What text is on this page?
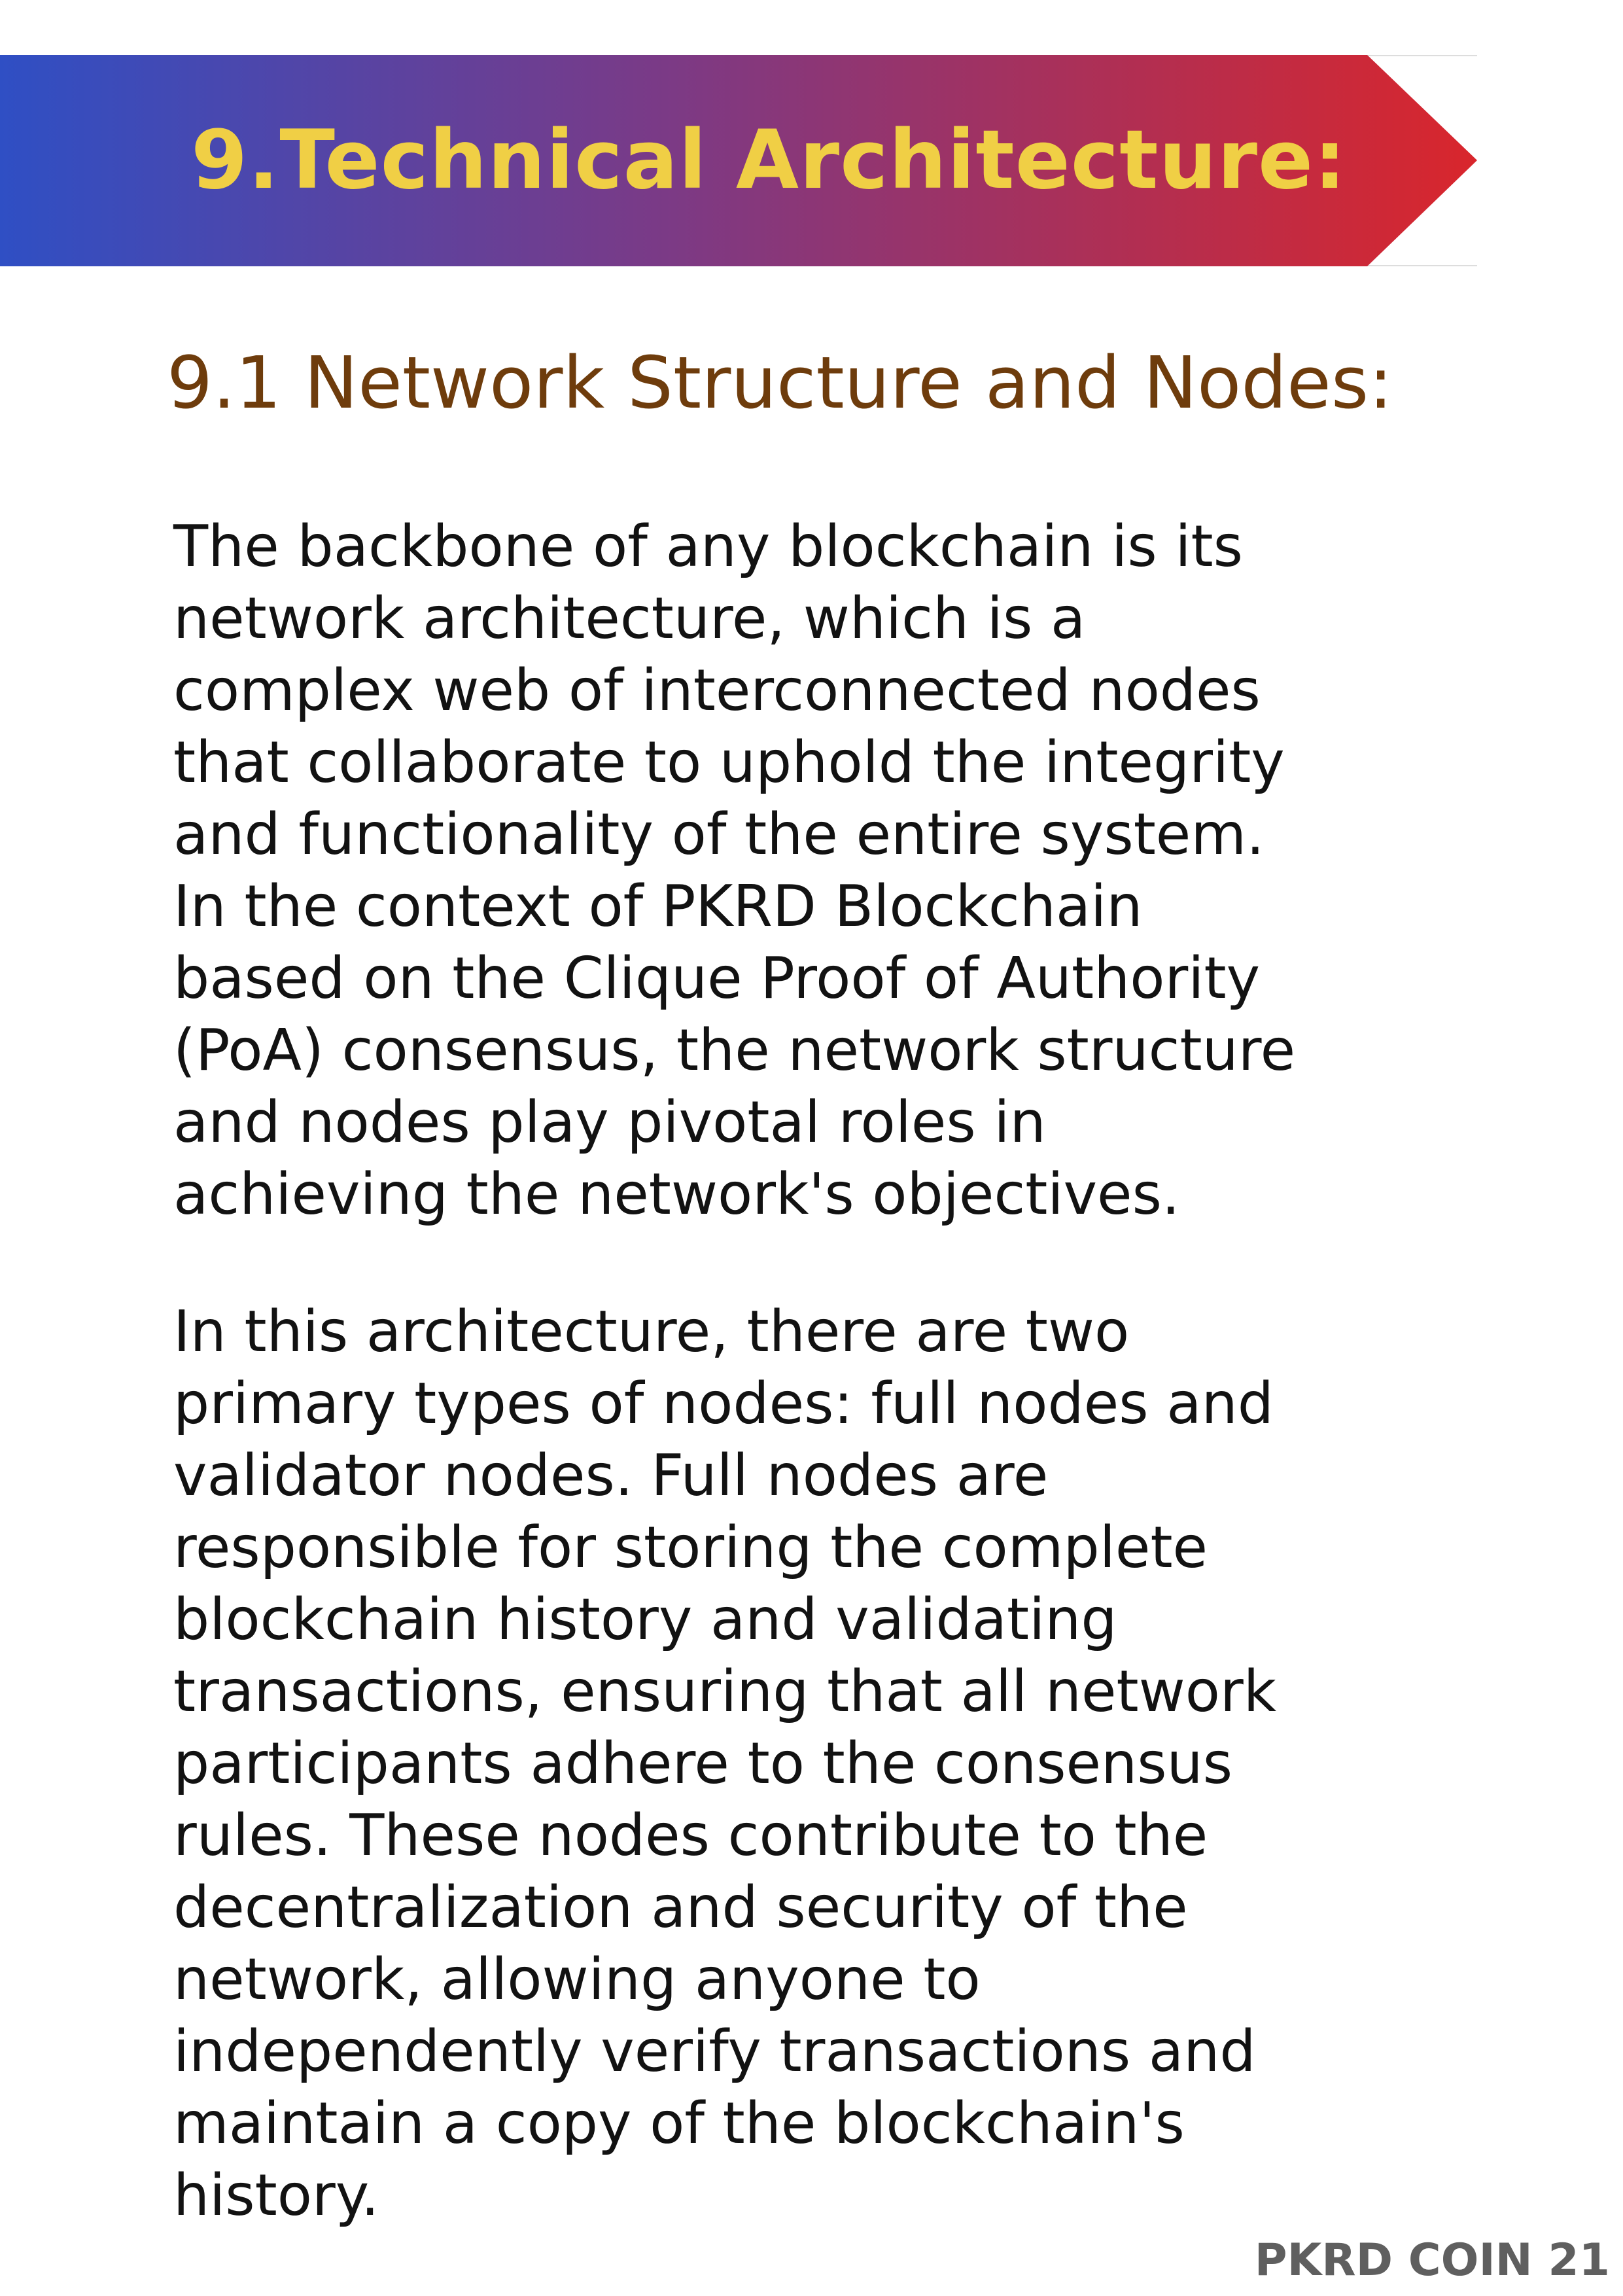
9.Technical Architecture:
9.1 Network Structure and Nodes:
The backbone of any blockchain is its
network architecture, which is a
complex web of interconnected nodes
that collaborate to uphold the integrity
and functionality of the entire system.
In the context of PKRD Blockchain
based on the Clique Proof of Authority
(PoA) consensus, the network structure
and nodes play pivotal roles in
achieving the network's objectives.
In this architecture, there are two
primary types of nodes: full nodes and
validator nodes. Full nodes are
responsible for storing the complete
blockchain history and validating
transactions, ensuring that all network
participants adhere to the consensus
rules. These nodes contribute to the
decentralization and security of the
network, allowing anyone to
independently verify transactions and
maintain a copy of the blockchain's
history.
PKRD COIN 21
